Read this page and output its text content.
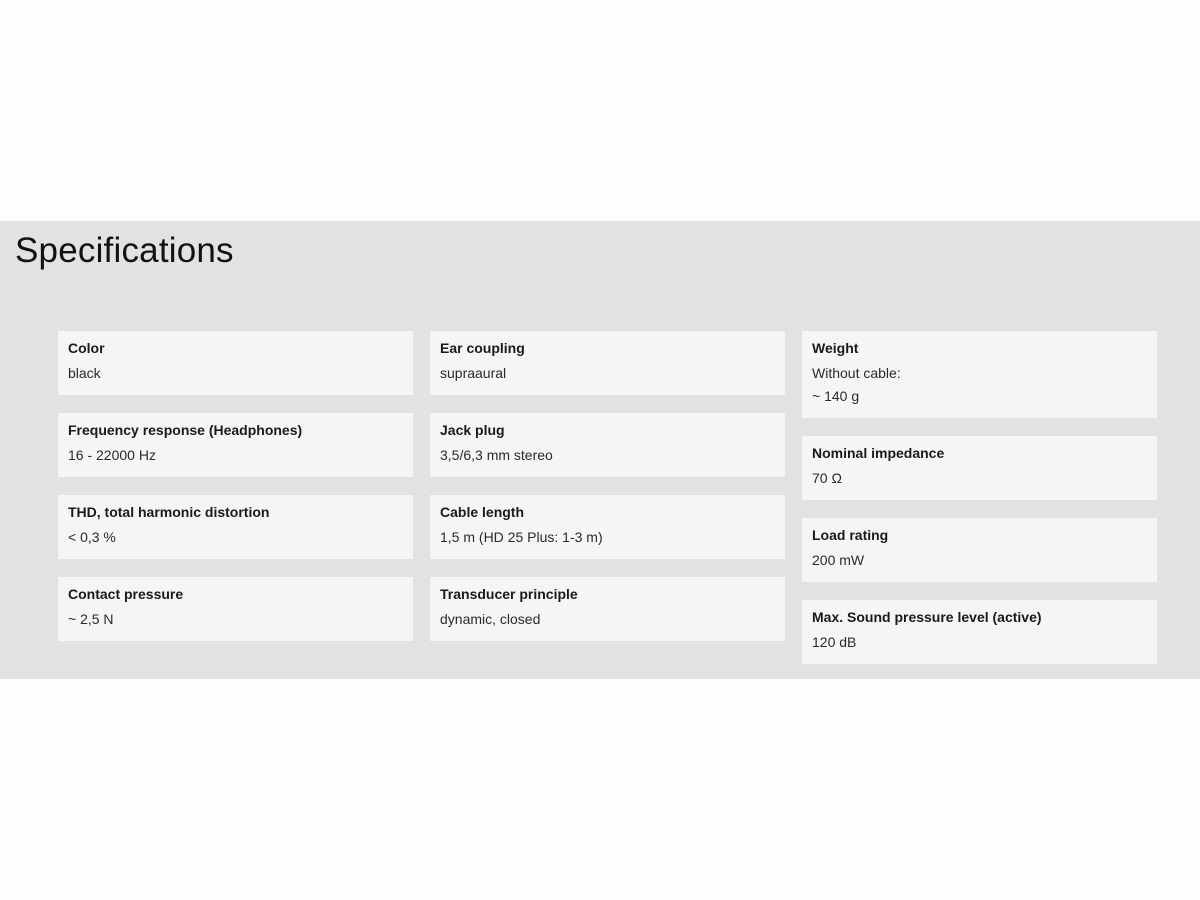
Specifications
Color
black
Frequency response (Headphones)
16 - 22000 Hz
THD, total harmonic distortion
< 0,3 %
Contact pressure
~ 2,5 N
Ear coupling
supraaural
Jack plug
3,5/6,3 mm stereo
Cable length
1,5 m (HD 25 Plus: 1-3 m)
Transducer principle
dynamic, closed
Weight
Without cable:
~ 140 g
Nominal impedance
70 Ω
Load rating
200 mW
Max. Sound pressure level (active)
120 dB
